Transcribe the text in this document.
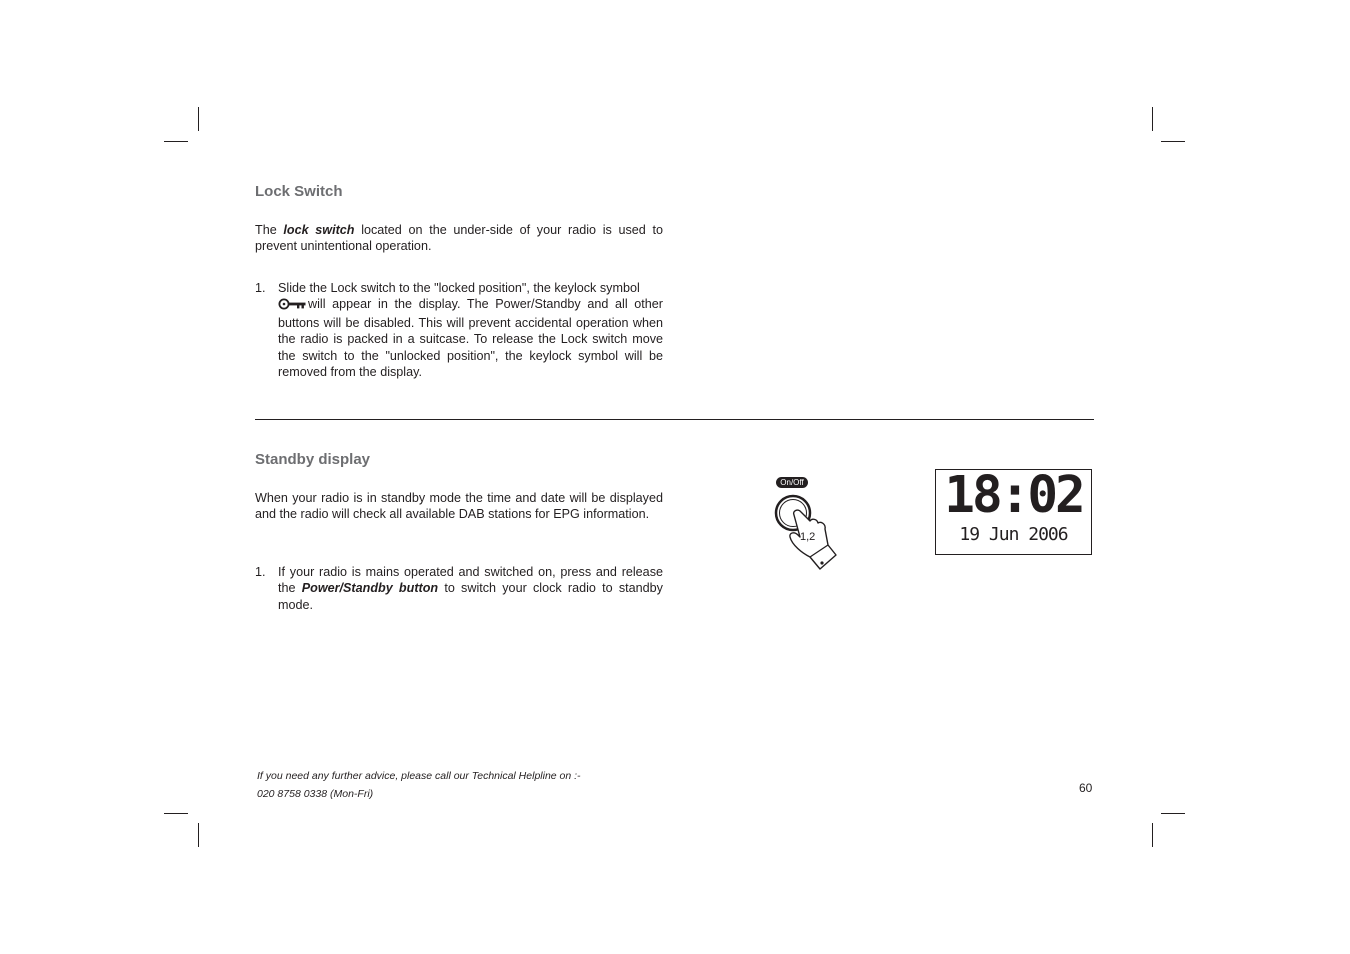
Lock Switch
The lock switch located on the under-side of your radio is used to prevent unintentional operation.
1. Slide the Lock switch to the "locked position", the keylock symbol
will appear in the display. The Power/Standby and all other buttons will be disabled. This will prevent accidental operation when the radio is packed in a suitcase. To release the Lock switch move the switch to the "unlocked position", the keylock symbol will be removed from the display.
Standby display
When your radio is in standby mode the time and date will be displayed and the radio will check all available DAB stations for EPG information.
1. If your radio is mains operated and switched on, press and release the Power/Standby button to switch your clock radio to standby mode.
On/Off
1,2
18:02
19 Jun 2006
If you need any further advice, please call our Technical Helpline on :-
020 8758 0338 (Mon-Fri)	60
